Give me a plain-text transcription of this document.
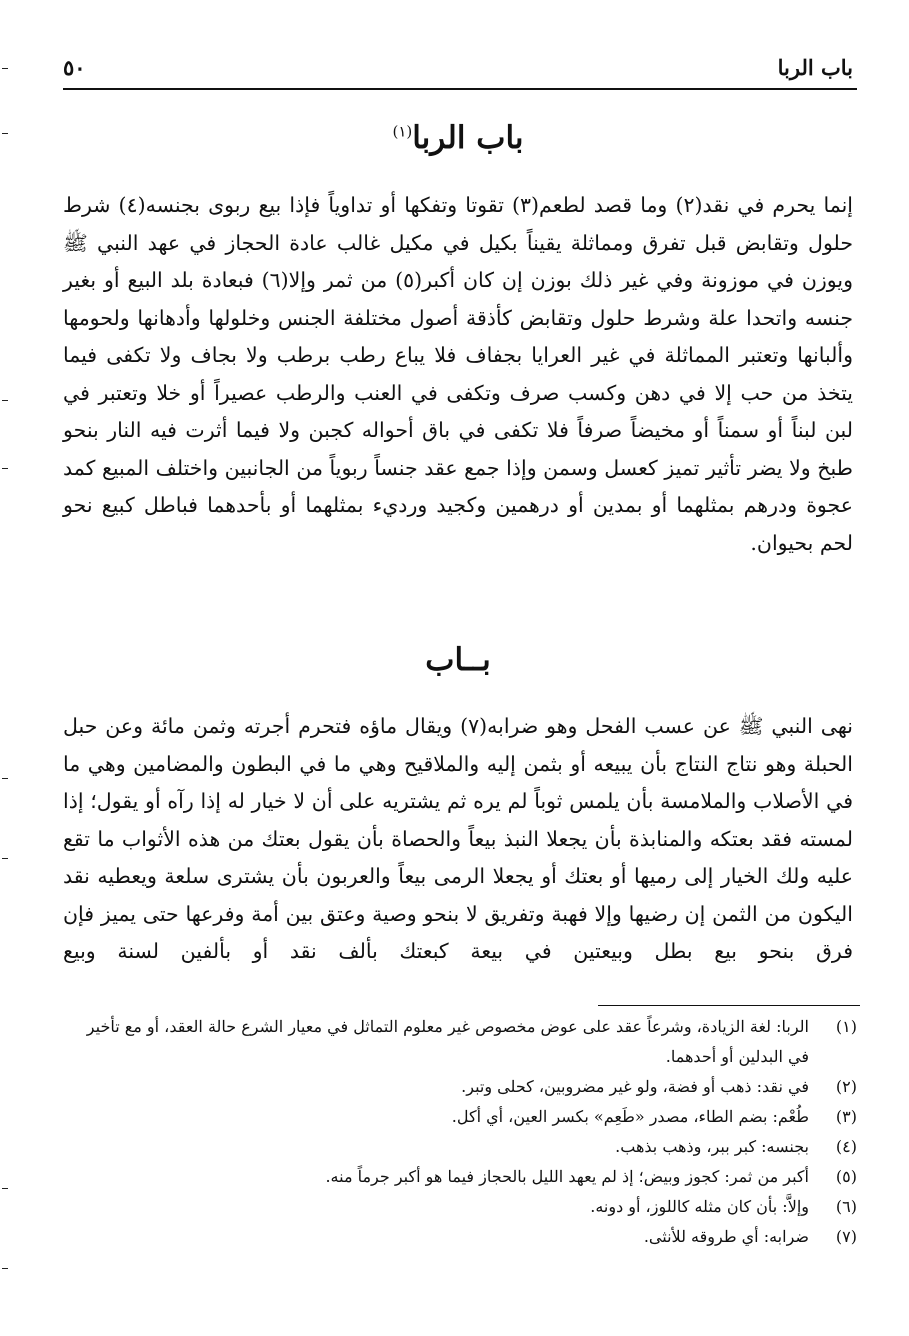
باب الربا
٥٠
باب الربا$^{(١)}$

إنما يحرم في نقد(٢) وما قصد لطعم(٣) تقوتا وتفكها أو تداوياً فإذا بيع ربوى بجنسه(٤) شرط حلول وتقابض قبل تفرق ومماثلة يقيناً بكيل في مكيل غالب عادة الحجاز في عهد النبي ﷺ ويوزن في موزونة وفي غير ذلك بوزن إن كان أكبر(٥) من ثمر وإلا(٦) فبعادة بلد البيع أو بغير جنسه واتحدا علة وشرط حلول وتقابض كأذقة أصول مختلفة الجنس وخلولها وأدهانها ولحومها وألبانها وتعتبر المماثلة في غير العرايا بجفاف فلا يباع رطب برطب ولا بجاف ولا تكفى فيما يتخذ من حب إلا في دهن وكسب صرف وتكفى في العنب والرطب عصيراً أو خلا وتعتبر في لبن لبناً أو سمناً أو مخيضاً صرفاً فلا تكفى في باق أحواله كجبن ولا فيما أثرت فيه النار بنحو طبخ ولا يضر تأثير تميز كعسل وسمن وإذا جمع عقد جنساً ربوياً من الجانبين واختلف المبيع كمد عجوة ودرهم بمثلهما أو بمدين أو درهمين وكجيد ورديء بمثلهما أو بأحدهما فباطل كبيع نحو لحم بحيوان.

بــاب

نهى النبي ﷺ عن عسب الفحل وهو ضرابه(٧) ويقال ماؤه فتحرم أجرته وثمن مائة وعن حبل الحبلة وهو نتاج النتاج بأن يبيعه أو بثمن إليه والملاقيح وهي ما في البطون والمضامين وهي ما في الأصلاب والملامسة بأن يلمس ثوباً لم يره ثم يشتريه على أن لا خيار له إذا رآه أو يقول؛ إذا لمسته فقد بعتكه والمنابذة بأن يجعلا النبذ بيعاً والحصاة بأن يقول بعتك من هذه الأثواب ما تقع عليه ولك الخيار إلى رميها أو بعتك أو يجعلا الرمى بيعاً والعربون بأن يشترى سلعة ويعطيه نقد اليكون من الثمن إن رضيها وإلا فهبة وتفريق لا بنحو وصية وعتق بين أمة وفرعها حتى يميز فإن فرق بنحو بيع بطل وبيعتين في بيعة كبعتك بألف نقد أو بألفين لسنة وبيع

(١)
الربا: لغة الزيادة، وشرعاً عقد على عوض مخصوص غير معلوم التماثل في معيار الشرع حالة العقد، أو مع تأخير في البدلين أو أحدهما.
(٢)
في نقد: ذهب أو فضة، ولو غير مضروبين، كحلى وتبر.
(٣)
طُعْم: بضم الطاء، مصدر «طَعِم» بكسر العين، أي أكل.
(٤)
بجنسه: كبر ببر، وذهب بذهب.
(٥)
أكبر من ثمر: كجوز وبيض؛ إذ لم يعهد الليل بالحجاز فيما هو أكبر جرماً منه.
(٦)
وإلاَّ: بأن كان مثله كاللوز، أو دونه.
(٧)
ضرابه: أي طروقه للأنثى.
